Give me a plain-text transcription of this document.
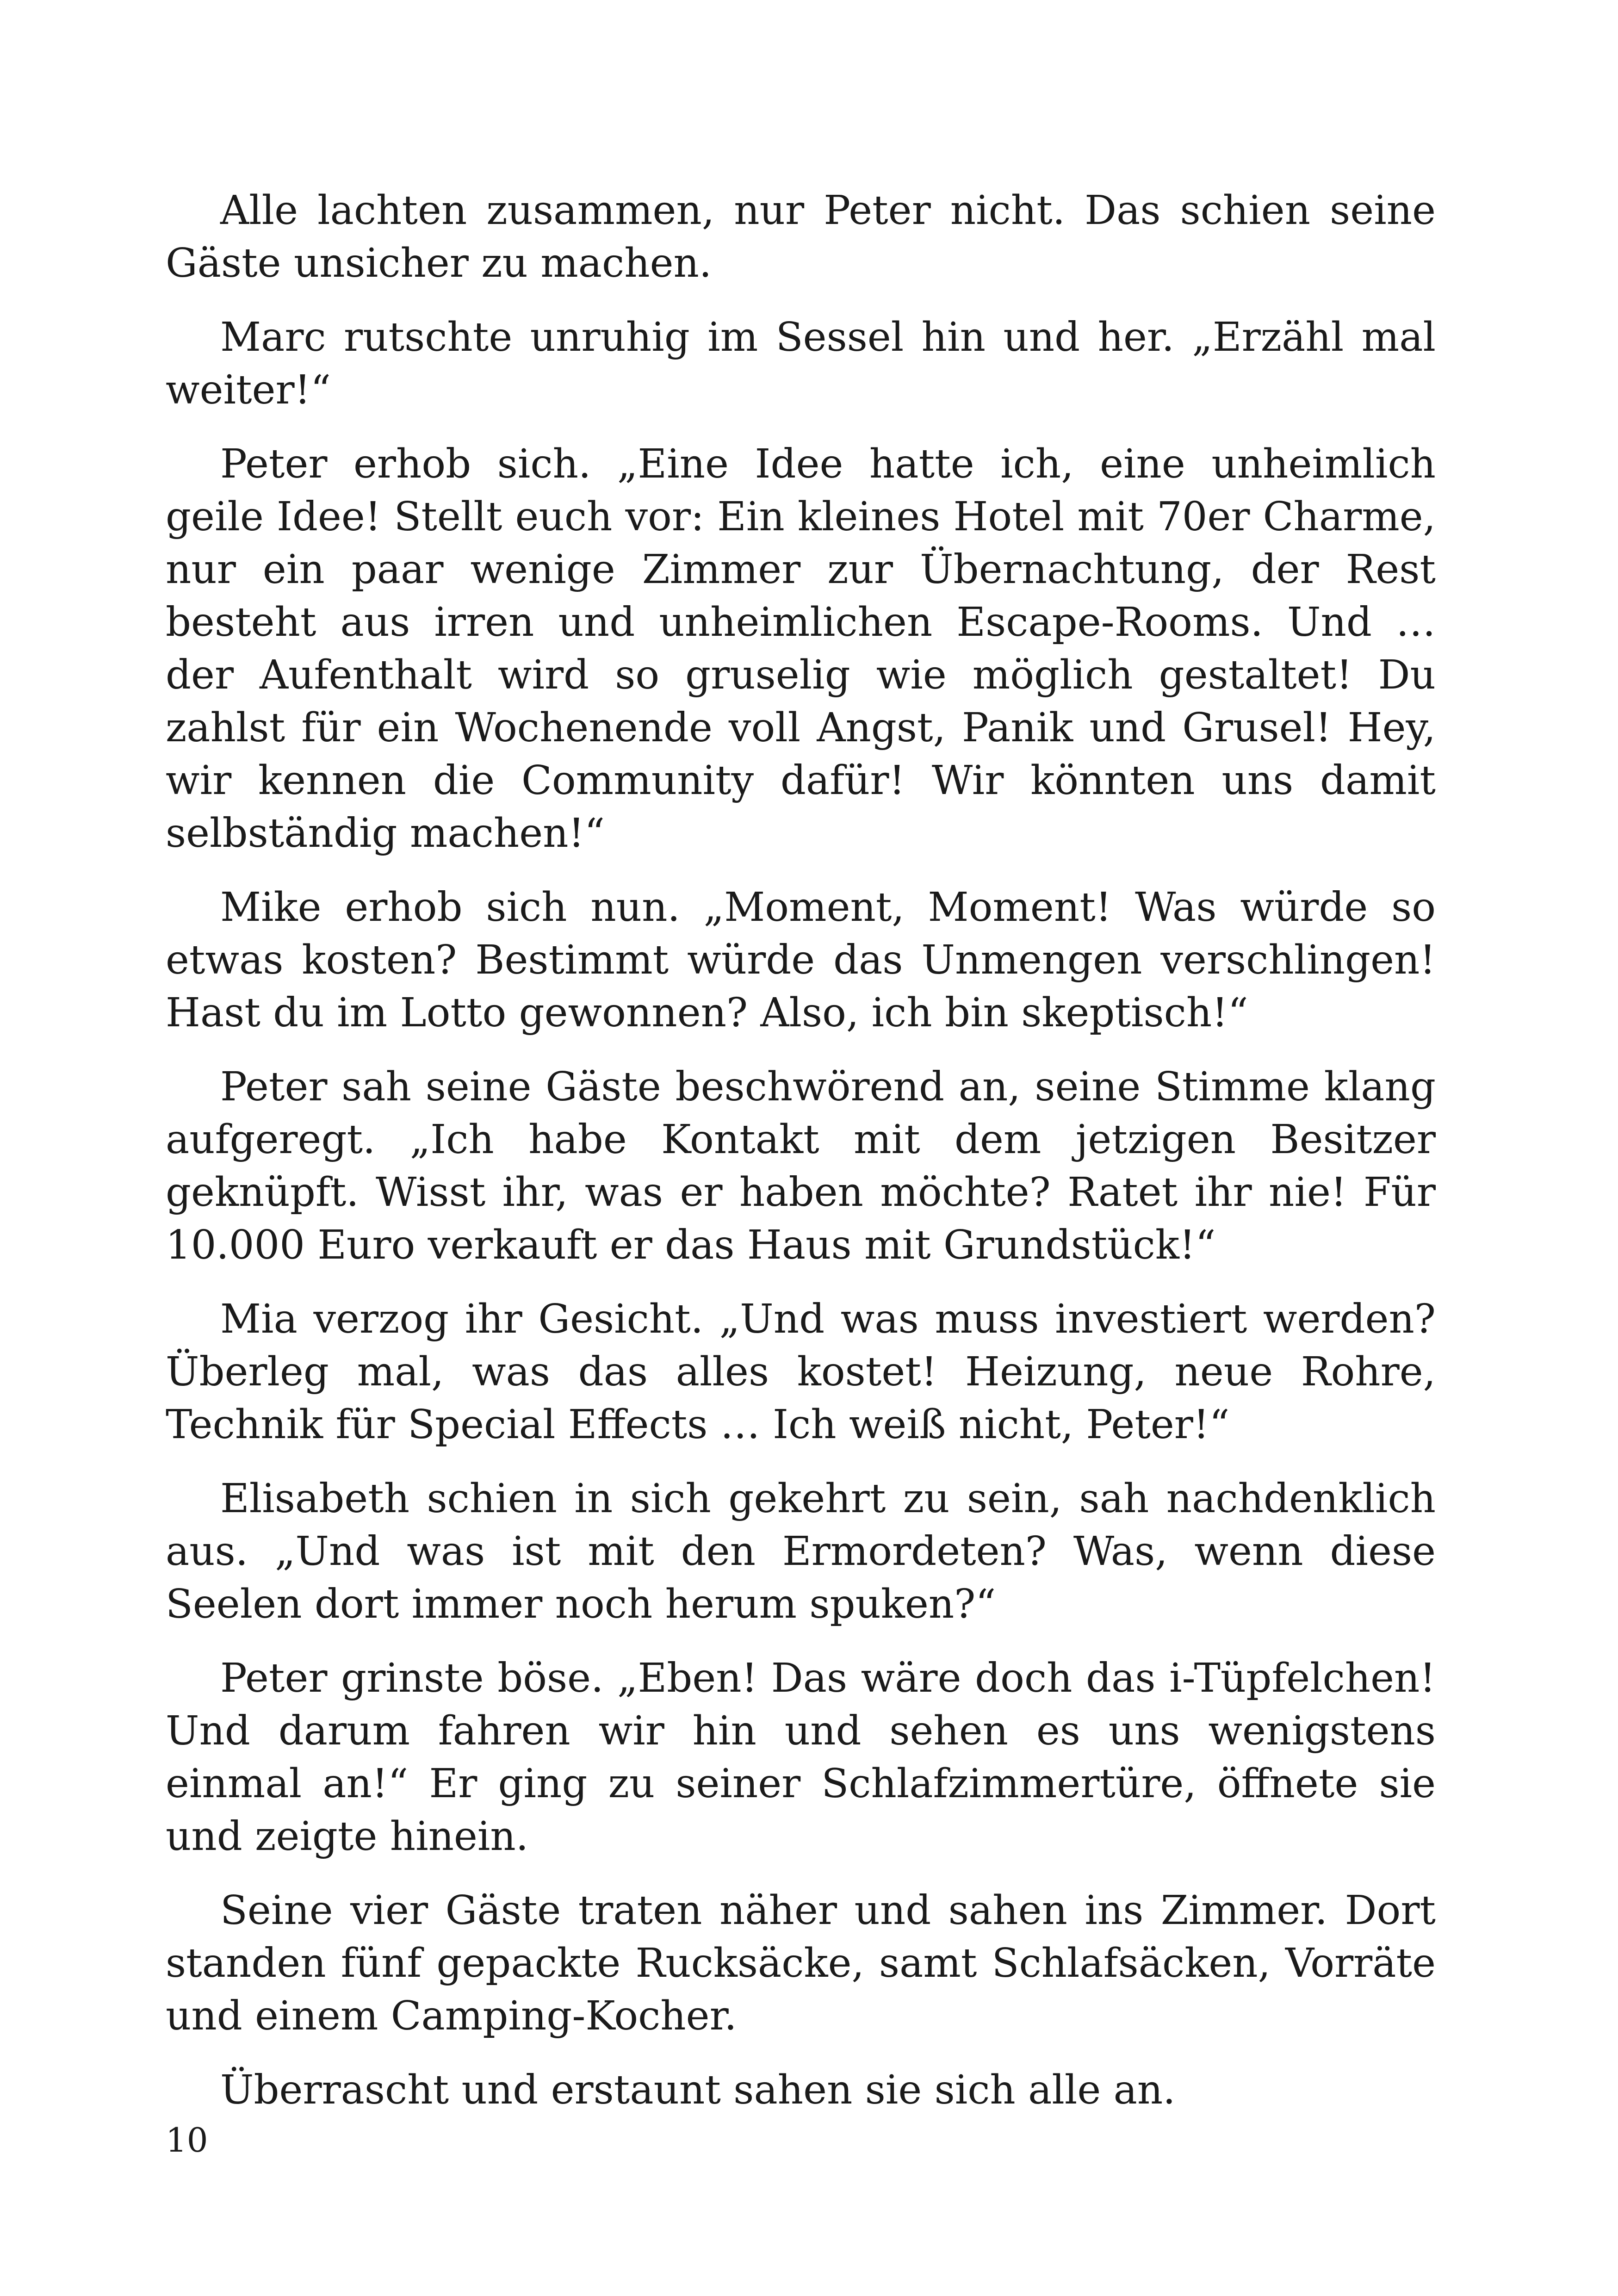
Alle lachten zusammen, nur Peter nicht. Das schien seine Gäste unsicher zu machen.

Marc rutschte unruhig im Sessel hin und her. „Erzähl mal weiter!“

Peter erhob sich. „Eine Idee hatte ich, eine unheimlich geile Idee! Stellt euch vor: Ein kleines Hotel mit 70er Charme, nur ein paar wenige Zimmer zur Übernachtung, der Rest besteht aus irren und unheimlichen Escape-Rooms. Und … der Aufenthalt wird so gruselig wie möglich gestaltet! Du zahlst für ein Wochenende voll Angst, Panik und Grusel! Hey, wir kennen die Community dafür! Wir könnten uns damit selbständig machen!“

Mike erhob sich nun. „Moment, Moment! Was würde so etwas kosten? Bestimmt würde das Unmengen verschlingen! Hast du im Lotto gewonnen? Also, ich bin skeptisch!“

Peter sah seine Gäste beschwörend an, seine Stimme klang aufgeregt. „Ich habe Kontakt mit dem jetzigen Besitzer geknüpft. Wisst ihr, was er haben möchte? Ratet ihr nie! Für 10.000 Euro verkauft er das Haus mit Grundstück!“

Mia verzog ihr Gesicht. „Und was muss investiert werden? Überleg mal, was das alles kostet! Heizung, neue Rohre, Technik für Special Effects … Ich weiß nicht, Peter!“

Elisabeth schien in sich gekehrt zu sein, sah nachdenklich aus. „Und was ist mit den Ermordeten? Was, wenn diese Seelen dort immer noch herum spuken?“

Peter grinste böse. „Eben! Das wäre doch das i-Tüpfelchen! Und darum fahren wir hin und sehen es uns wenigstens einmal an!“ Er ging zu seiner Schlafzimmertüre, öffnete sie und zeigte hinein.

Seine vier Gäste traten näher und sahen ins Zimmer. Dort standen fünf gepackte Rucksäcke, samt Schlafsäcken, Vorräte und einem Camping-Kocher.

Überrascht und erstaunt sahen sie sich alle an.

10
